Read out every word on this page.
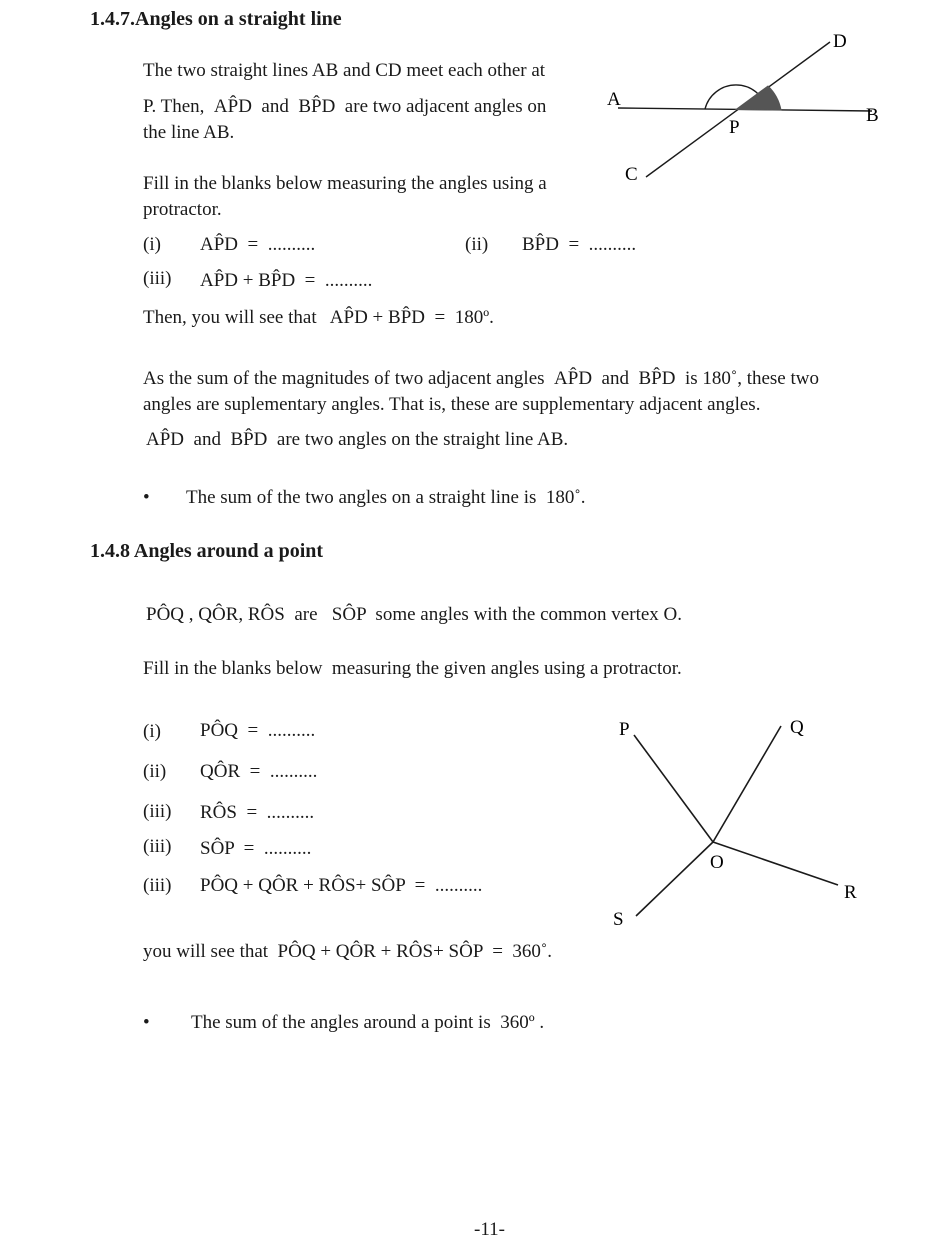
1.4.7.Angles on a straight line
The two straight lines AB and CD meet each other at
P. Then,  AP̂D  and  BP̂D  are two adjacent angles on
the line AB.
Fill in the blanks below measuring the angles using a
protractor.
(i) AP̂D  =  ..........	(ii) BP̂D  =  ..........
(iii) AP̂D + BP̂D  =  ..........
Then, you will see that   AP̂D + BP̂D  =  180º.
As the sum of the magnitudes of two adjacent angles  AP̂D  and  BP̂D  is 180˚, these two
angles are suplementary angles. That is, these are supplementary adjacent angles.
AP̂D  and  BP̂D  are two angles on the straight line AB.
• The sum of the two angles on a straight line is  180˚.
A
B
C
D
P
1.4.8 Angles around a point
PÔQ , QÔR, RÔS  are   SÔP  some angles with the common vertex O.
Fill in the blanks below  measuring the given angles using a protractor.
(i) PÔQ  =  ..........
(ii) QÔR  =  ..........
(iii) RÔS  =  ..........
(iii) SÔP  =  ..........
(iii) PÔQ + QÔR + RÔS+ SÔP  =  ..........
you will see that  PÔQ + QÔR + RÔS+ SÔP  =  360˚.
• The sum of the angles around a point is  360º .
P	Q
R
S
O
-11-
